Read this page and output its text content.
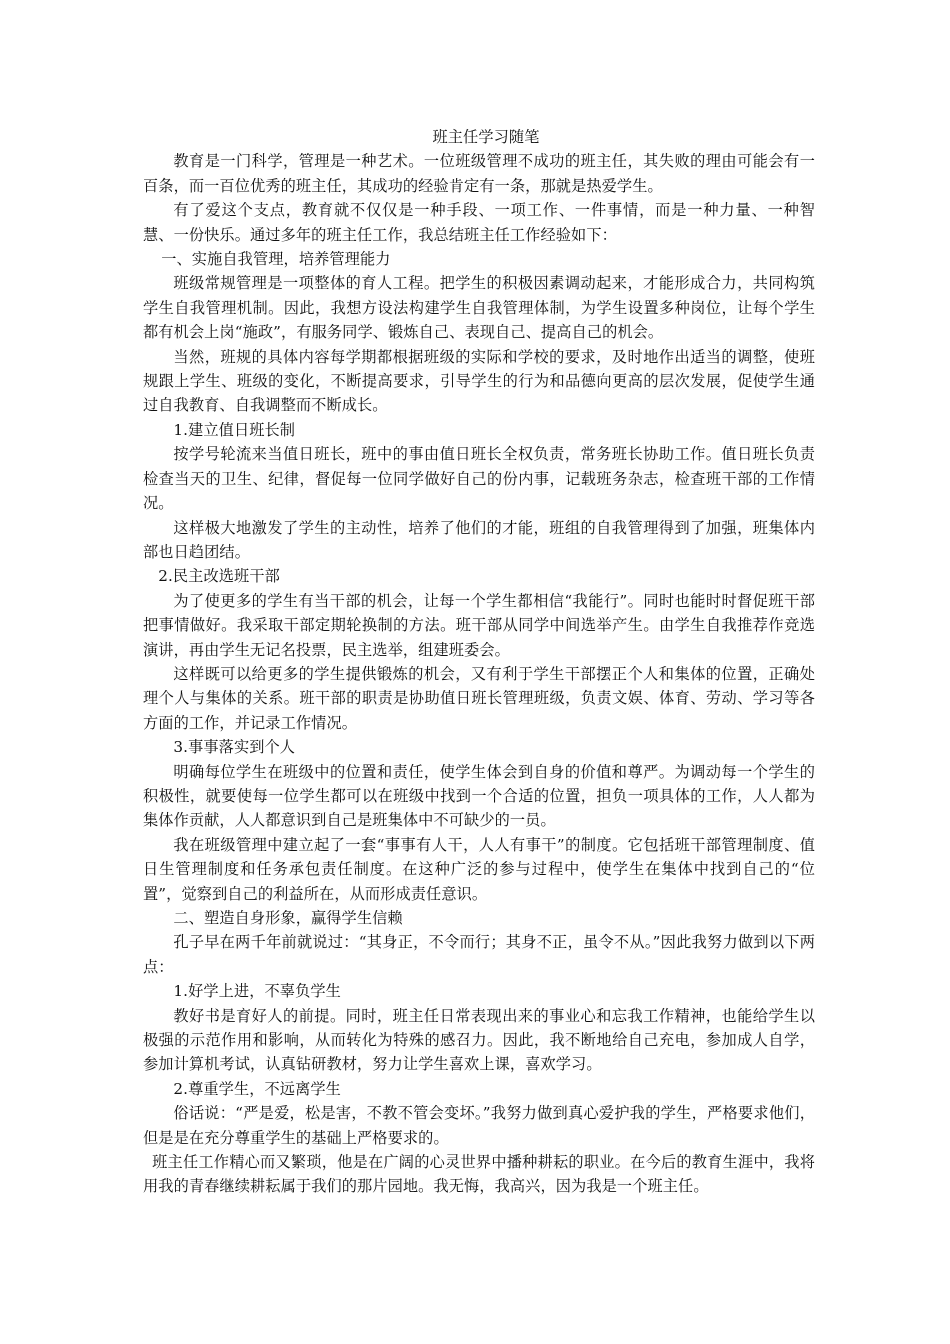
班主任学习随笔

教育是一门科学，管理是一种艺术。一位班级管理不成功的班主任，其失败的理由可能会有一百条，而一百位优秀的班主任，其成功的经验肯定有一条，那就是热爱学生。

有了爱这个支点，教育就不仅仅是一种手段、一项工作、一件事情，而是一种力量、一种智慧、一份快乐。通过多年的班主任工作，我总结班主任工作经验如下：

一、实施自我管理，培养管理能力

班级常规管理是一项整体的育人工程。把学生的积极因素调动起来，才能形成合力，共同构筑学生自我管理机制。因此，我想方设法构建学生自我管理体制，为学生设置多种岗位，让每个学生都有机会上岗“施政”，有服务同学、锻炼自己、表现自己、提高自己的机会。

当然，班规的具体内容每学期都根据班级的实际和学校的要求，及时地作出适当的调整，使班规跟上学生、班级的变化，不断提高要求，引导学生的行为和品德向更高的层次发展，促使学生通过自我教育、自我调整而不断成长。

1.建立值日班长制

按学号轮流来当值日班长，班中的事由值日班长全权负责，常务班长协助工作。值日班长负责检查当天的卫生、纪律，督促每一位同学做好自己的份内事，记载班务杂志，检查班干部的工作情况。

这样极大地激发了学生的主动性，培养了他们的才能，班组的自我管理得到了加强，班集体内部也日趋团结。

2.民主改选班干部

为了使更多的学生有当干部的机会，让每一个学生都相信“我能行”。同时也能时时督促班干部把事情做好。我采取干部定期轮换制的方法。班干部从同学中间选举产生。由学生自我推荐作竞选演讲，再由学生无记名投票，民主选举，组建班委会。

这样既可以给更多的学生提供锻炼的机会，又有利于学生干部摆正个人和集体的位置，正确处理个人与集体的关系。班干部的职责是协助值日班长管理班级，负责文娱、体育、劳动、学习等各方面的工作，并记录工作情况。

3.事事落实到个人

明确每位学生在班级中的位置和责任，使学生体会到自身的价值和尊严。为调动每一个学生的积极性，就要使每一位学生都可以在班级中找到一个合适的位置，担负一项具体的工作，人人都为集体作贡献，人人都意识到自己是班集体中不可缺少的一员。

我在班级管理中建立起了一套“事事有人干，人人有事干”的制度。它包括班干部管理制度、值日生管理制度和任务承包责任制度。在这种广泛的参与过程中，使学生在集体中找到自己的“位置”，觉察到自己的利益所在，从而形成责任意识。

二、塑造自身形象，赢得学生信赖

孔子早在两千年前就说过：“其身正，不令而行；其身不正，虽令不从。”因此我努力做到以下两点：

1.好学上进，不辜负学生

教好书是育好人的前提。同时，班主任日常表现出来的事业心和忘我工作精神，也能给学生以极强的示范作用和影响，从而转化为特殊的感召力。因此，我不断地给自己充电，参加成人自学，参加计算机考试，认真钻研教材，努力让学生喜欢上课，喜欢学习。

2.尊重学生，不远离学生

俗话说：“严是爱，松是害，不教不管会变坏。”我努力做到真心爱护我的学生，严格要求他们，但是是在充分尊重学生的基础上严格要求的。

班主任工作精心而又繁琐，他是在广阔的心灵世界中播种耕耘的职业。在今后的教育生涯中，我将用我的青春继续耕耘属于我们的那片园地。我无悔，我高兴，因为我是一个班主任。
